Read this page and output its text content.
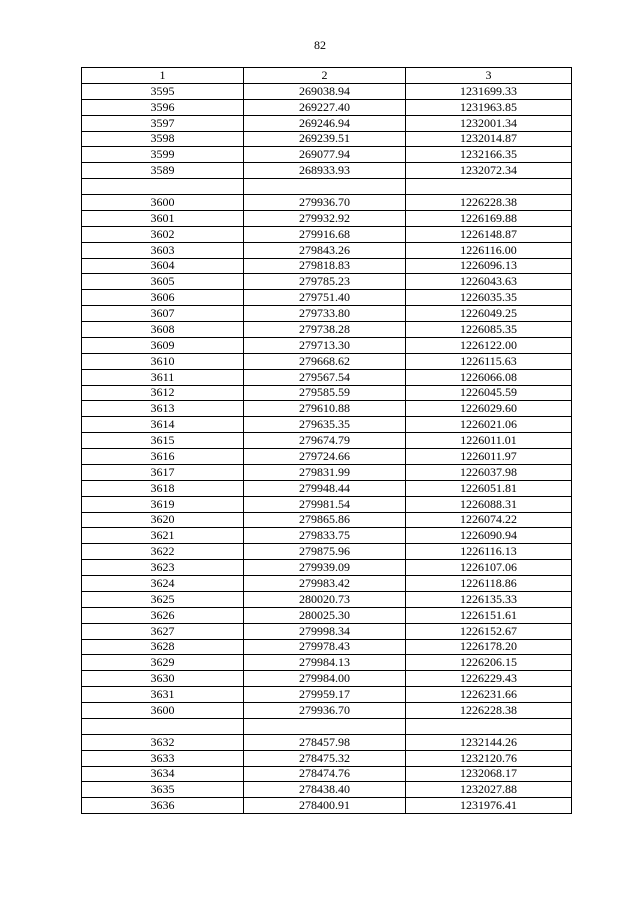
82
1	2	3
3595	269038.94	1231699.33
3596	269227.40	1231963.85
3597	269246.94	1232001.34
3598	269239.51	1232014.87
3599	269077.94	1232166.35
3589	268933.93	1232072.34

3600	279936.70	1226228.38
3601	279932.92	1226169.88
3602	279916.68	1226148.87
3603	279843.26	1226116.00
3604	279818.83	1226096.13
3605	279785.23	1226043.63
3606	279751.40	1226035.35
3607	279733.80	1226049.25
3608	279738.28	1226085.35
3609	279713.30	1226122.00
3610	279668.62	1226115.63
3611	279567.54	1226066.08
3612	279585.59	1226045.59
3613	279610.88	1226029.60
3614	279635.35	1226021.06
3615	279674.79	1226011.01
3616	279724.66	1226011.97
3617	279831.99	1226037.98
3618	279948.44	1226051.81
3619	279981.54	1226088.31
3620	279865.86	1226074.22
3621	279833.75	1226090.94
3622	279875.96	1226116.13
3623	279939.09	1226107.06
3624	279983.42	1226118.86
3625	280020.73	1226135.33
3626	280025.30	1226151.61
3627	279998.34	1226152.67
3628	279978.43	1226178.20
3629	279984.13	1226206.15
3630	279984.00	1226229.43
3631	279959.17	1226231.66
3600	279936.70	1226228.38

3632	278457.98	1232144.26
3633	278475.32	1232120.76
3634	278474.76	1232068.17
3635	278438.40	1232027.88
3636	278400.91	1231976.41
